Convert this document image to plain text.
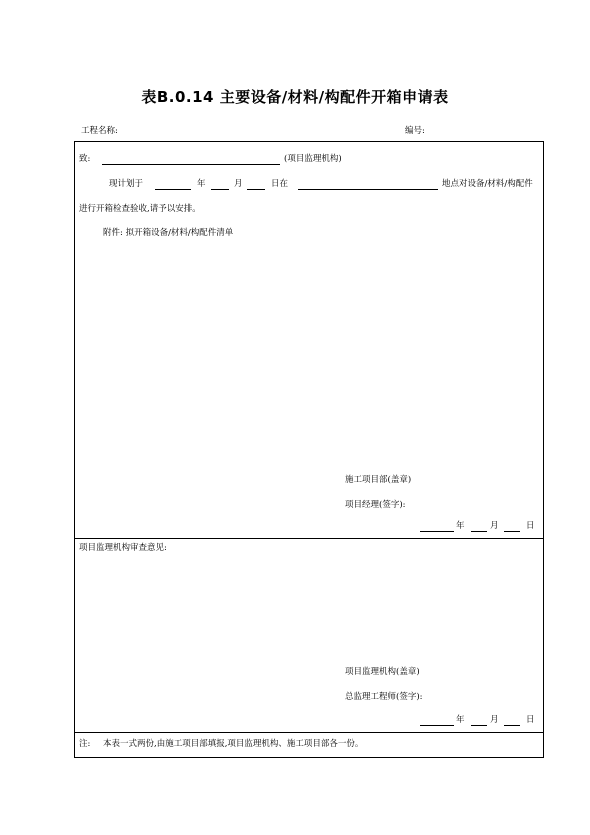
表B.0.14 主要设备/材料/构配件开箱申请表
工程名称:	编号:
致:	(项目监理机构)
现计划于	年	月	日在	地点对设备/材料/构配件
进行开箱检查验收,请予以安排。
附件: 拟开箱设备/材料/构配件清单
施工项目部(盖章)
项目经理(签字):
年	月	日
项目监理机构审查意见:
项目监理机构(盖章)
总监理工程师(签字):
年	月	日
注: 本表一式两份,由施工项目部填报,项目监理机构、施工项目部各一份。
